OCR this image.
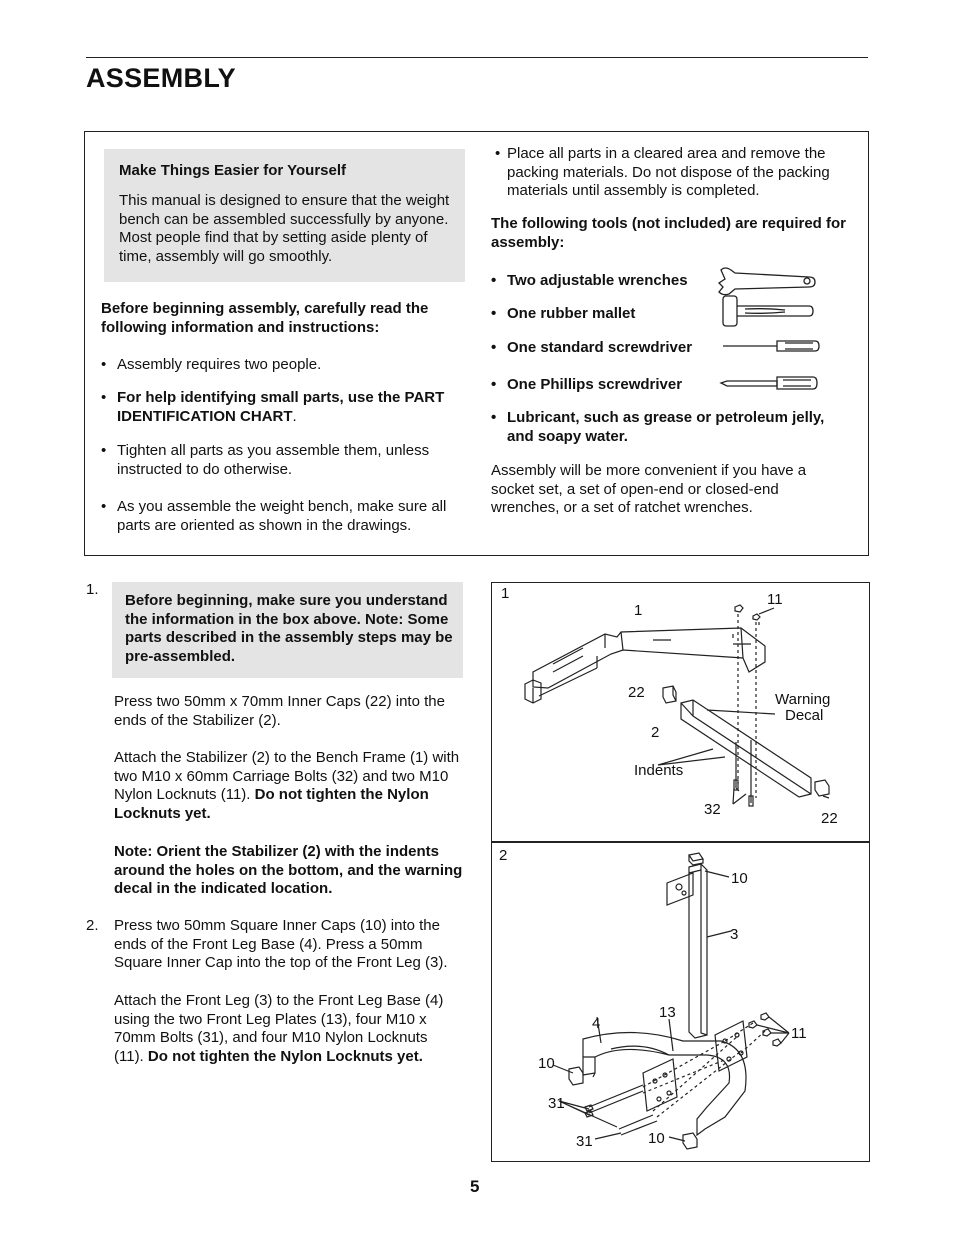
ASSEMBLY
Make Things Easier for Yourself
This manual is designed to ensure that the weight bench can be assembled successfully by anyone. Most people find that by setting aside plenty of time, assembly will go smoothly.
Before beginning assembly, carefully read the following information and instructions:
• Assembly requires two people.
• For help identifying small parts, use the PART IDENTIFICATION CHART.
• Tighten all parts as you assemble them, unless instructed to do otherwise.
• As you assemble the weight bench, make sure all parts are oriented as shown in the drawings.
• Place all parts in a cleared area and remove the packing materials. Do not dispose of the packing materials until assembly is completed.
The following tools (not included) are required for assembly:
• Two adjustable wrenches
• One rubber mallet
• One standard screwdriver
• One Phillips screwdriver
• Lubricant, such as grease or petroleum jelly, and soapy water.
Assembly will be more convenient if you have a socket set, a set of open-end or closed-end wrenches, or a set of ratchet wrenches.
1.
Before beginning, make sure you understand the information in the box above. Note: Some parts described in the assembly steps may be pre-assembled.
Press two 50mm x 70mm Inner Caps (22) into the ends of the Stabilizer (2).
Attach the Stabilizer (2) to the Bench Frame (1) with two M10 x 60mm Carriage Bolts (32) and two M10 Nylon Locknuts (11). Do not tighten the Nylon Locknuts yet.
Note: Orient the Stabilizer (2) with the indents around the holes on the bottom, and the warning decal in the indicated location.
2. Press two 50mm Square Inner Caps (10) into the ends of the Front Leg Base (4). Press a 50mm Square Inner Cap into the top of the Front Leg (3).
Attach the Front Leg (3) to the Front Leg Base (4) using the two Front Leg Plates (13), four M10 x 70mm Bolts (31), and four M10 Nylon Locknuts (11). Do not tighten the Nylon Locknuts yet.
1
1
11
22
2
Warning
Decal
Indents
32
22
2
10
3
13
4
11
10
31
31	10
5
